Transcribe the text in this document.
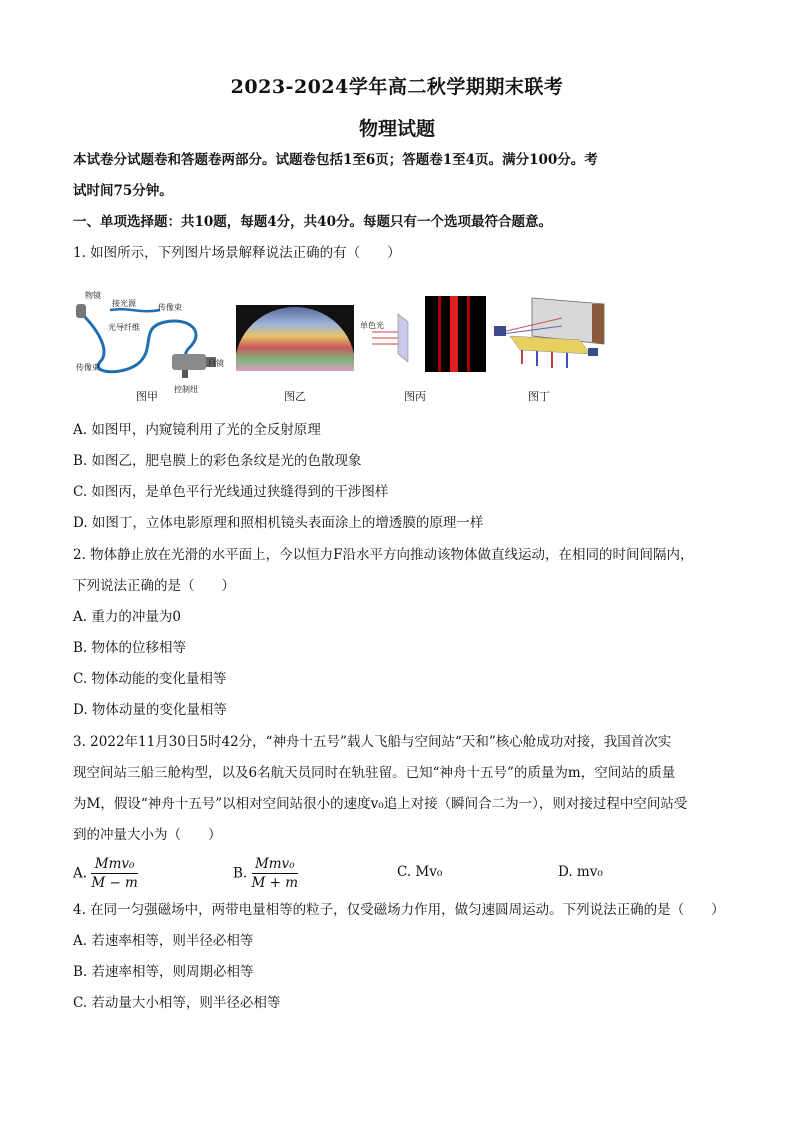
2023-2024学年高二秋学期期末联考
物理试题
本试卷分试题卷和答题卷两部分。试题卷包括1至6页；答题卷1至4页。满分100分。考
试时间75分钟。
一、单项选择题：共10题，每题4分，共40分。每题只有一个选项最符合题意。
1. 如图所示，下列图片场景解释说法正确的有（　　）
物镜
接光源	传像束
光导纤维
传像束	目镜
控制纽
图甲	图乙
单色光
图丙	图丁
A. 如图甲，内窥镜利用了光的全反射原理
B. 如图乙，肥皂膜上的彩色条纹是光的色散现象
C. 如图丙，是单色平行光线通过狭缝得到的干涉图样
D. 如图丁，立体电影原理和照相机镜头表面涂上的增透膜的原理一样
2. 物体静止放在光滑的水平面上，今以恒力F沿水平方向推动该物体做直线运动，在相同的时间间隔内，
下列说法正确的是（　　）
A. 重力的冲量为0
B. 物体的位移相等
C. 物体动能的变化量相等
D. 物体动量的变化量相等
3. 2022年11月30日5时42分，“神舟十五号”载人飞船与空间站“天和”核心舱成功对接，我国首次实
现空间站三船三舱构型，以及6名航天员同时在轨驻留。已知“神舟十五号”的质量为m，空间站的质量
为M，假设“神舟十五号”以相对空间站很小的速度v₀追上对接（瞬间合二为一），则对接过程中空间站受
到的冲量大小为（　　）
A. $\frac{\text{Mmv₀}}{M - m}$	B. $\frac{\text{Mmv₀}}{M + m}$	C. Mv₀	D. mv₀
4. 在同一匀强磁场中，两带电量相等的粒子，仅受磁场力作用，做匀速圆周运动。下列说法正确的是（　　）
A. 若速率相等，则半径必相等
B. 若速率相等，则周期必相等
C. 若动量大小相等，则半径必相等
